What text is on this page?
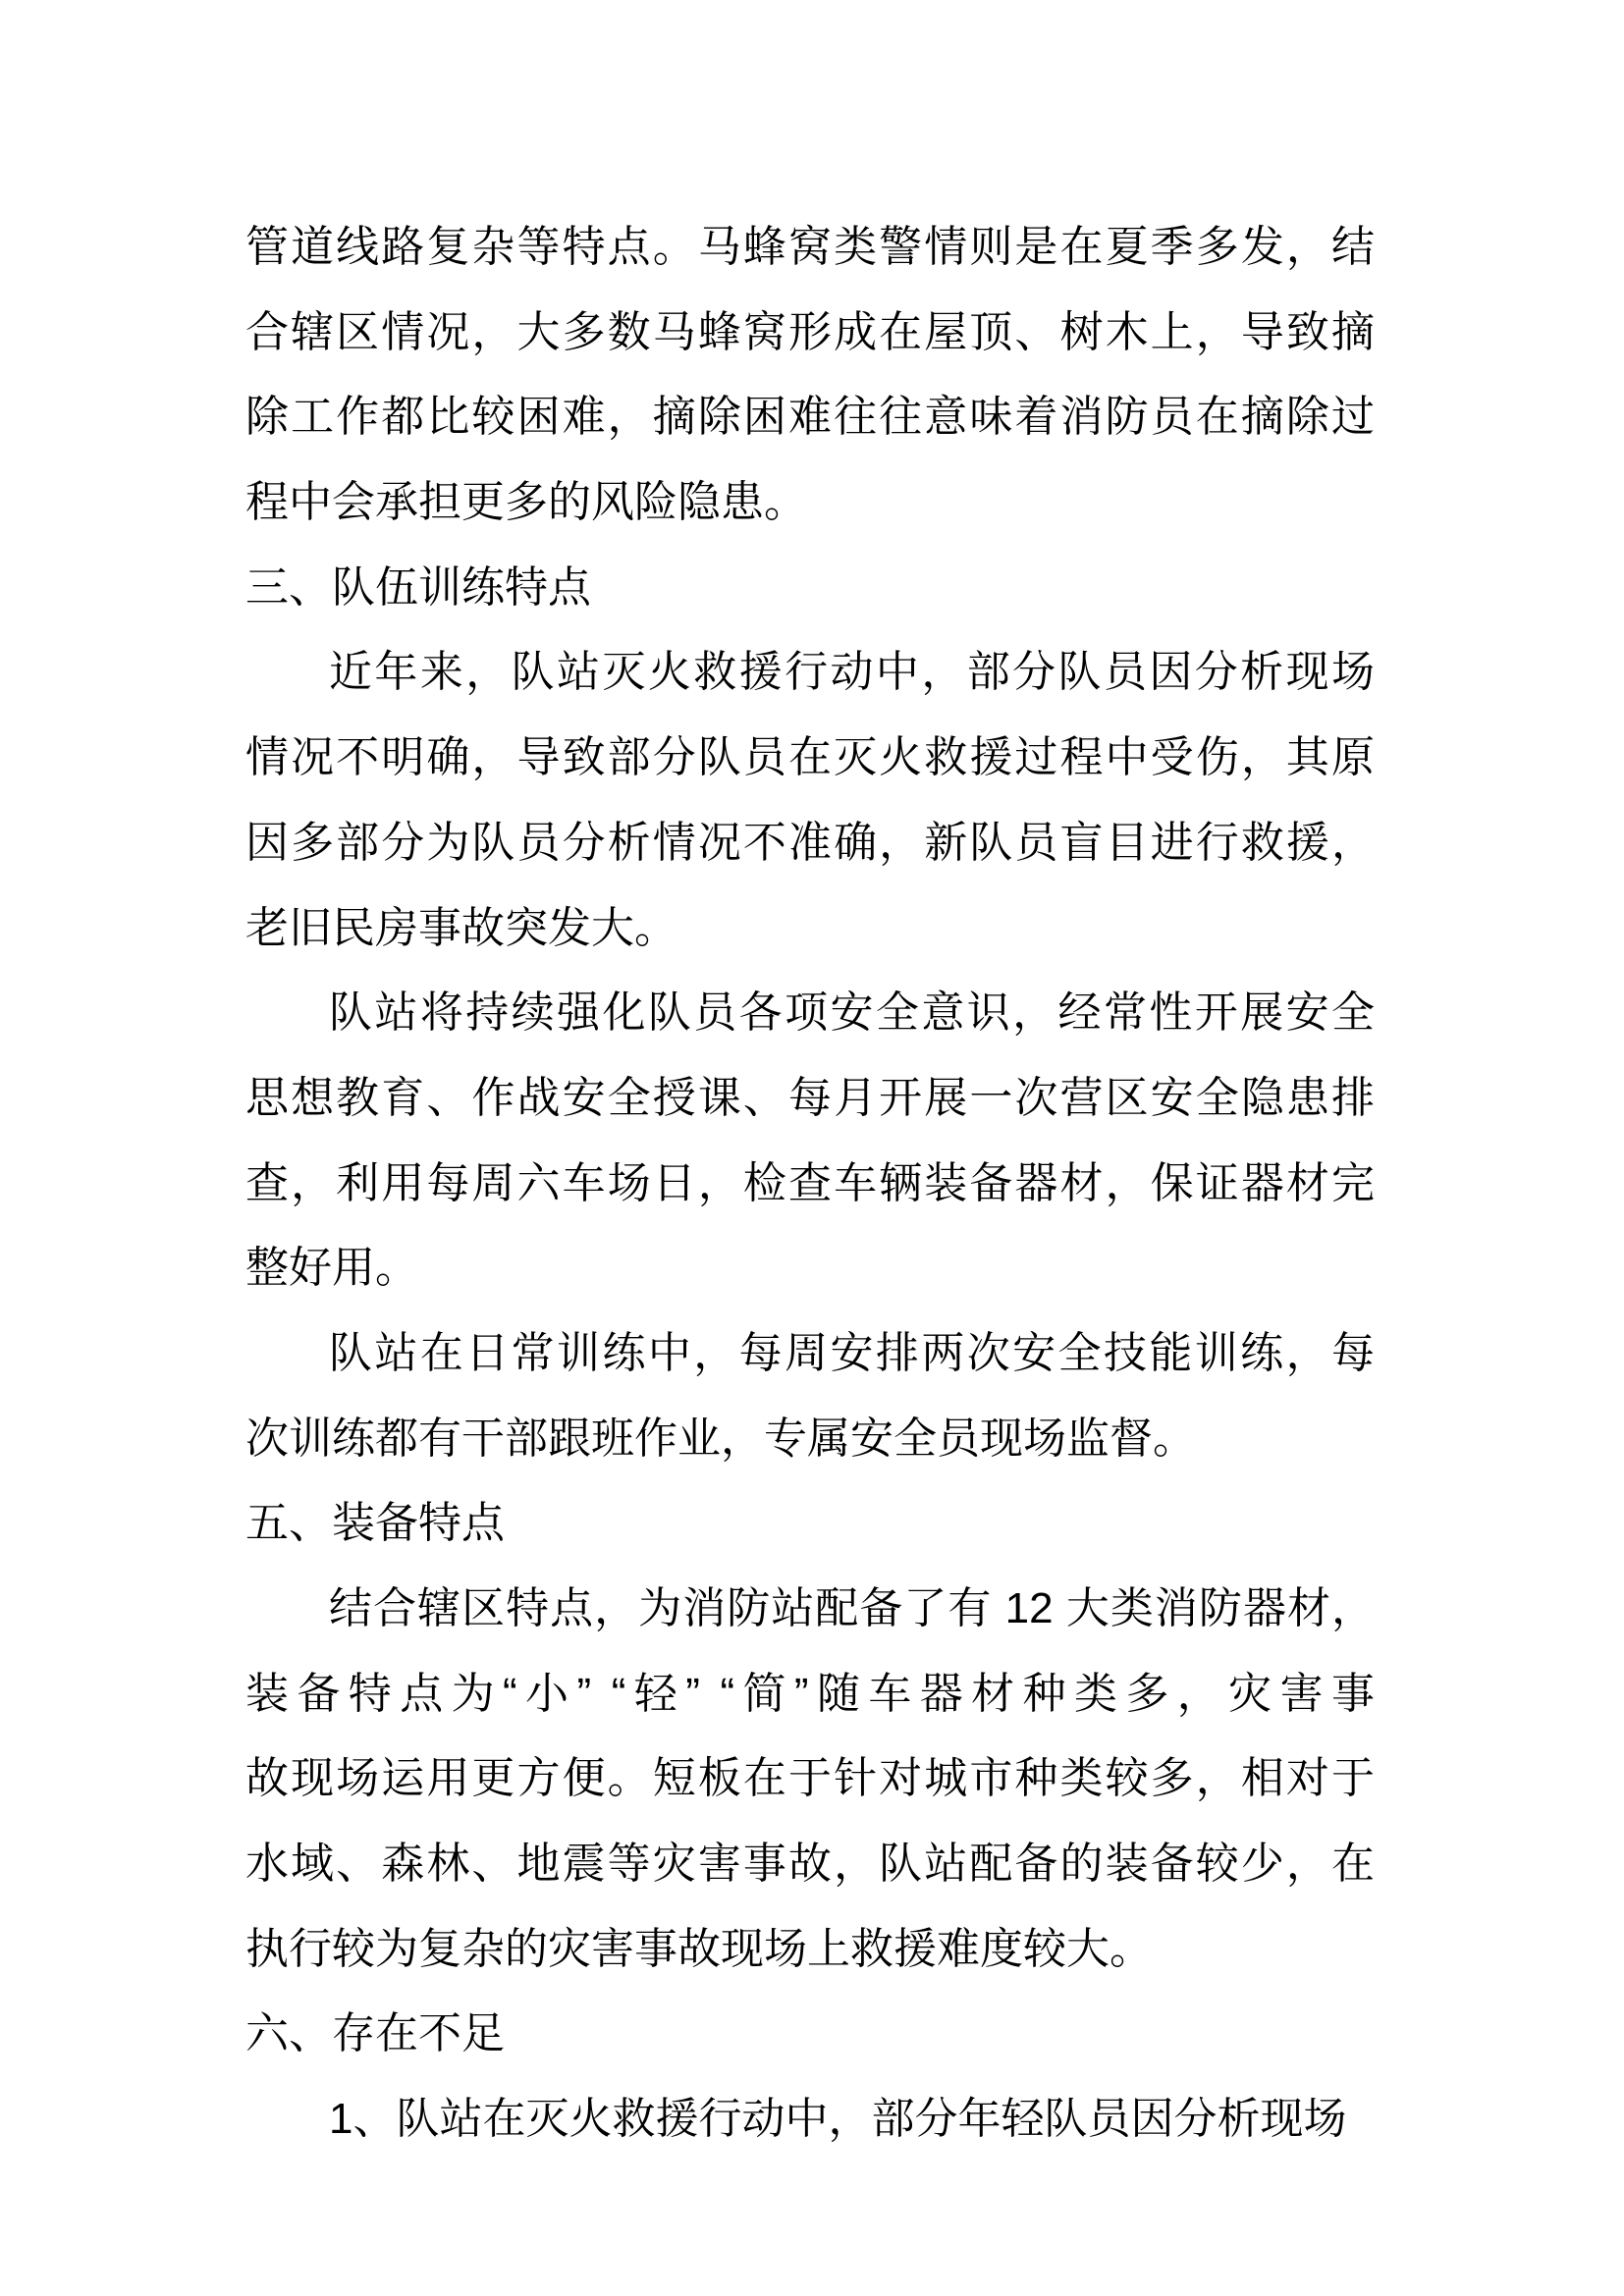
管道线路复杂等特点。马蜂窝类警情则是在夏季多发，结
合辖区情况，大多数马蜂窝形成在屋顶、树木上，导致摘
除工作都比较困难，摘除困难往往意味着消防员在摘除过
程中会承担更多的风险隐患。
三、队伍训练特点
近年来，队站灭火救援行动中，部分队员因分析现场
情况不明确，导致部分队员在灭火救援过程中受伤，其原
因多部分为队员分析情况不准确，新队员盲目进行救援，
老旧民房事故突发大。
队站将持续强化队员各项安全意识，经常性开展安全
思想教育、作战安全授课、每月开展一次营区安全隐患排
查，利用每周六车场日，检查车辆装备器材，保证器材完
整好用。
队站在日常训练中，每周安排两次安全技能训练，每
次训练都有干部跟班作业，专属安全员现场监督。
五、装备特点
结合辖区特点，为消防站配备了有 12 大类消防器材，
装备特点为“小” “轻” “简”随车器材种类多，灾害事
故现场运用更方便。短板在于针对城市种类较多，相对于
水域、森林、地震等灾害事故，队站配备的装备较少，在
执行较为复杂的灾害事故现场上救援难度较大。
六、存在不足
1、队站在灭火救援行动中，部分年轻队员因分析现场
